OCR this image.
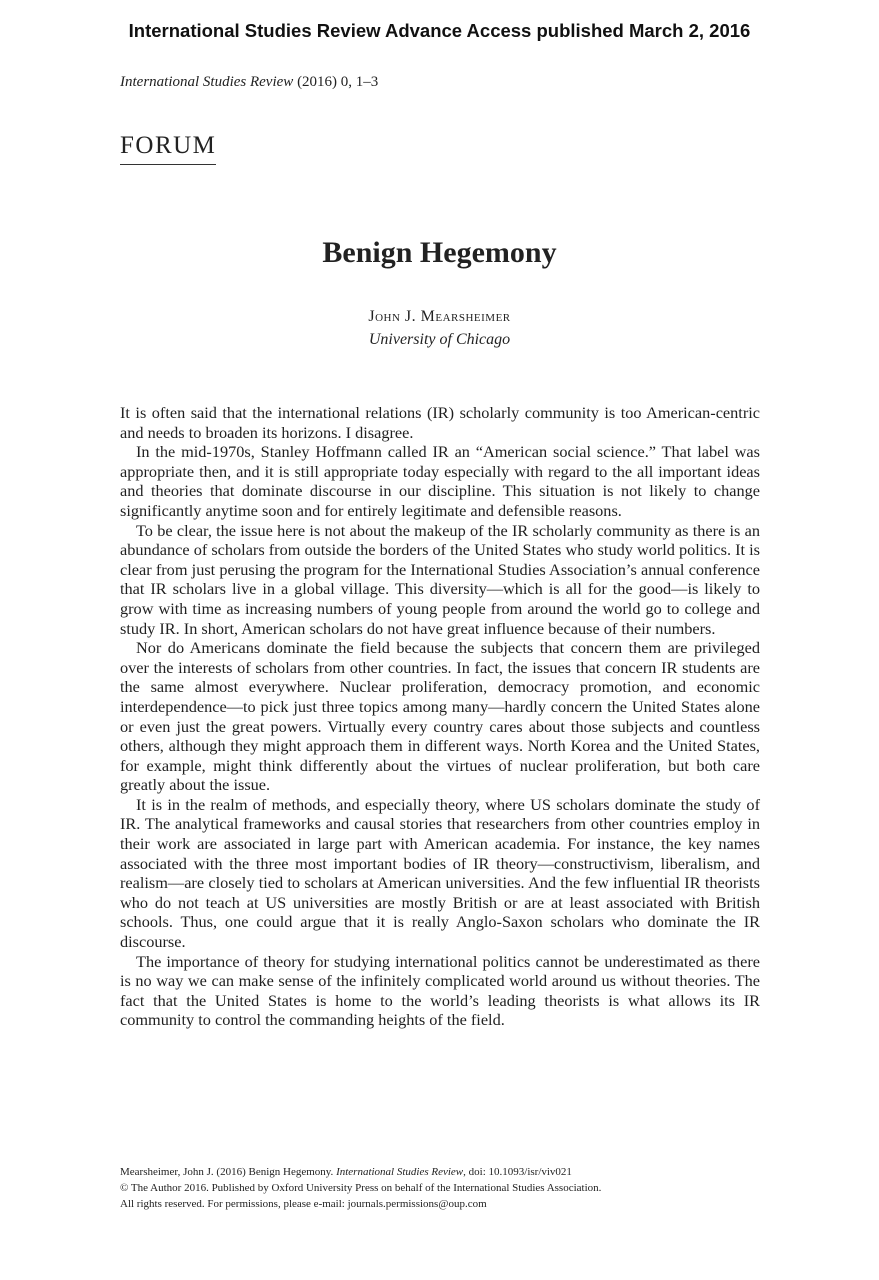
International Studies Review Advance Access published March 2, 2016
International Studies Review (2016) 0, 1–3
FORUM
Benign Hegemony
John J. Mearsheimer
University of Chicago

It is often said that the international relations (IR) scholarly community is too American-centric and needs to broaden its horizons. I disagree.

In the mid-1970s, Stanley Hoffmann called IR an “American social science.” That label was appropriate then, and it is still appropriate today especially with regard to the all important ideas and theories that dominate discourse in our discipline. This situation is not likely to change significantly anytime soon and for entirely legitimate and defensible reasons.

To be clear, the issue here is not about the makeup of the IR scholarly community as there is an abundance of scholars from outside the borders of the United States who study world politics. It is clear from just perusing the program for the International Studies Association’s annual conference that IR scholars live in a global village. This diversity—which is all for the good—is likely to grow with time as increasing numbers of young people from around the world go to college and study IR. In short, American scholars do not have great influence because of their numbers.

Nor do Americans dominate the field because the subjects that concern them are privileged over the interests of scholars from other countries. In fact, the issues that concern IR students are the same almost everywhere. Nuclear proliferation, democracy promotion, and economic interdependence—to pick just three topics among many—hardly concern the United States alone or even just the great powers. Virtually every country cares about those subjects and countless others, although they might approach them in different ways. North Korea and the United States, for example, might think differently about the virtues of nuclear proliferation, but both care greatly about the issue.

It is in the realm of methods, and especially theory, where US scholars dominate the study of IR. The analytical frameworks and causal stories that researchers from other countries employ in their work are associated in large part with American academia. For instance, the key names associated with the three most important bodies of IR theory—constructivism, liberalism, and realism—are closely tied to scholars at American universities. And the few influential IR theorists who do not teach at US universities are mostly British or are at least associated with British schools. Thus, one could argue that it is really Anglo-Saxon scholars who dominate the IR discourse.

The importance of theory for studying international politics cannot be underestimated as there is no way we can make sense of the infinitely complicated world around us without theories. The fact that the United States is home to the world’s leading theorists is what allows its IR community to control the commanding heights of the field.

Mearsheimer, John J. (2016) Benign Hegemony. International Studies Review, doi: 10.1093/isr/viv021
© The Author 2016. Published by Oxford University Press on behalf of the International Studies Association.
All rights reserved. For permissions, please e-mail: journals.permissions@oup.com
